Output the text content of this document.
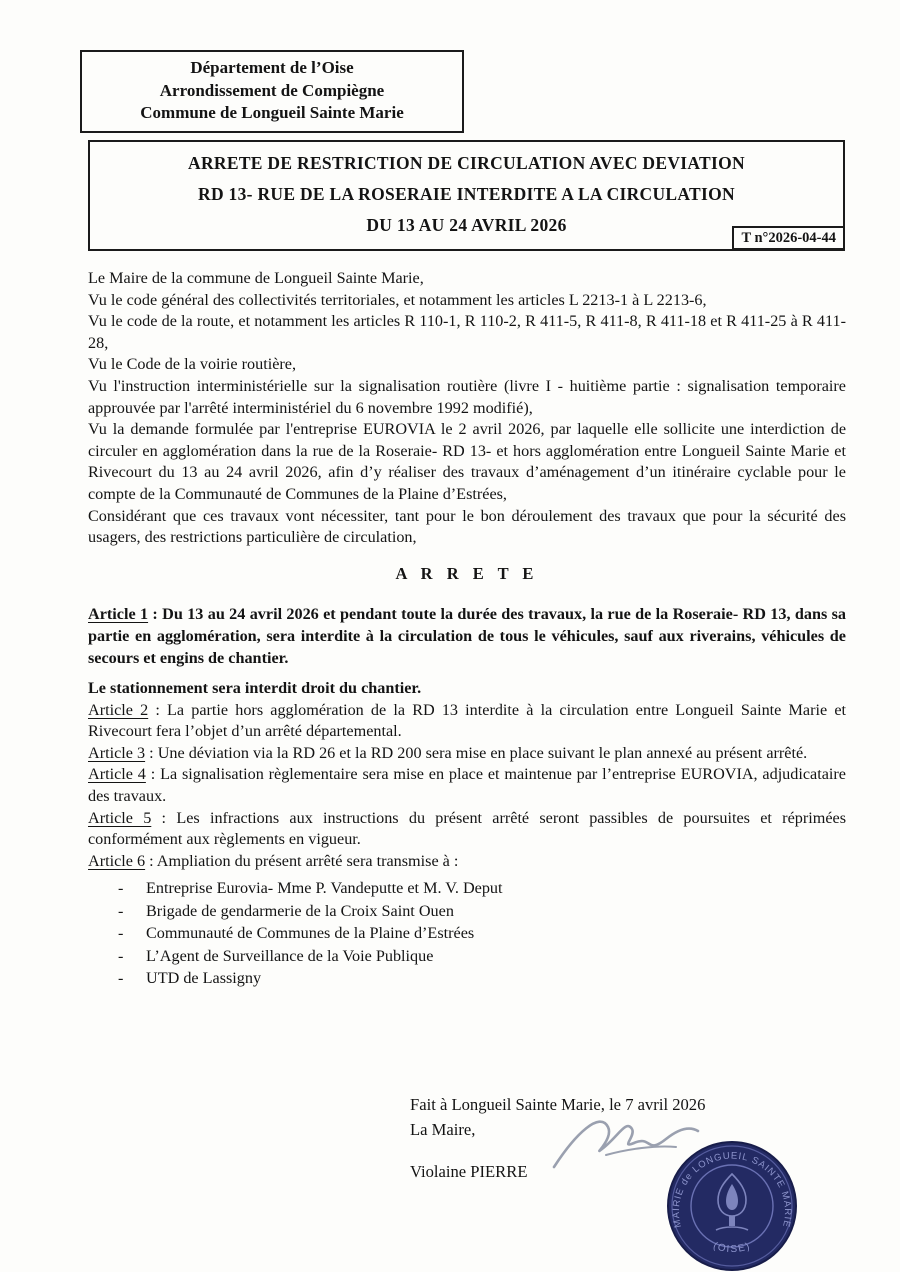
Département de l’Oise
Arrondissement de Compiègne
Commune de Longueil Sainte Marie
ARRETE DE RESTRICTION DE CIRCULATION AVEC DEVIATION
RD 13- RUE DE LA ROSERAIE INTERDITE A LA CIRCULATION
DU 13 AU 24 AVRIL 2026
T n°2026-04-44

Le Maire de la commune de Longueil Sainte Marie,

Vu le code général des collectivités territoriales, et notamment les articles L 2213-1 à L 2213-6,

Vu le code de la route, et notamment les articles R 110-1, R 110-2, R 411-5, R 411-8, R 411-18 et R 411-25 à R 411-28,

Vu le Code de la voirie routière,

Vu l'instruction interministérielle sur la signalisation routière (livre I - huitième partie : signalisation temporaire approuvée par l'arrêté interministériel du 6 novembre 1992 modifié),

Vu la demande formulée par l'entreprise EUROVIA le 2 avril 2026, par laquelle elle sollicite une interdiction de circuler en agglomération dans la rue de la Roseraie- RD 13- et hors agglomération entre Longueil Sainte Marie et Rivecourt du 13 au 24 avril 2026, afin d’y réaliser des travaux d’aménagement d’un itinéraire cyclable pour le compte de la Communauté de Communes de la Plaine d’Estrées,

Considérant que ces travaux vont nécessiter, tant pour le bon déroulement des travaux que pour la sécurité des usagers, des restrictions particulière de circulation,

A R R E T E

Article 1 : Du 13 au 24 avril 2026 et pendant toute la durée des travaux, la rue de la Roseraie- RD 13, dans sa partie en agglomération, sera interdite à la circulation de tous le véhicules, sauf aux riverains, véhicules de secours et engins de chantier.

Le stationnement sera interdit droit du chantier.

Article 2 : La partie hors agglomération de la RD 13 interdite à la circulation entre Longueil Sainte Marie et Rivecourt fera l’objet d’un arrêté départemental.

Article 3 : Une déviation via la RD 26 et la RD 200 sera mise en place suivant le plan annexé au présent arrêté.

Article 4 : La signalisation règlementaire sera mise en place et maintenue par l’entreprise EUROVIA, adjudicataire des travaux.

Article 5 : Les infractions aux instructions du présent arrêté seront passibles de poursuites et réprimées conformément aux règlements en vigueur.

Article 6 : Ampliation du présent arrêté sera transmise à :

-	Entreprise Eurovia- Mme P. Vandeputte et M. V. Deput
-	Brigade de gendarmerie de la Croix Saint Ouen
-	Communauté de Communes de la Plaine d’Estrées
-	L’Agent de Surveillance de la Voie Publique
-	UTD de Lassigny
Fait à Longueil Sainte Marie, le 7 avril 2026
La Maire,
Violaine PIERRE
MAIRIE de LONGUEIL SAINTE MARIE
(OISE)
